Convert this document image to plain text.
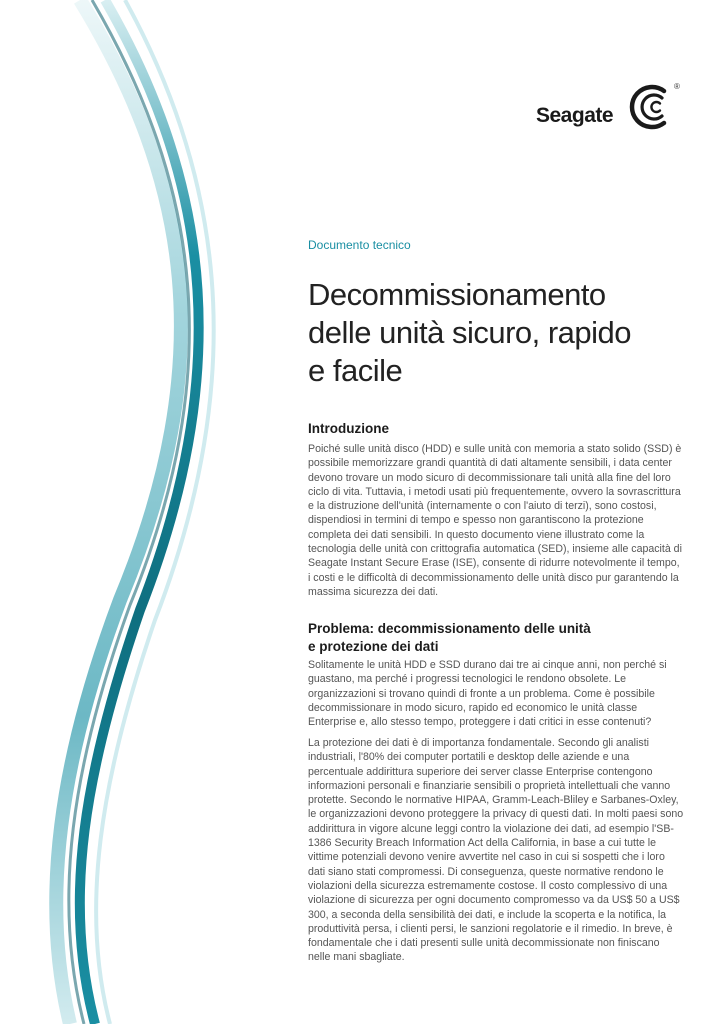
Seagate
®
Documento tecnico
Decommissionamento
delle unità sicuro, rapido
e facile
Introduzione

Poiché sulle unità disco (HDD) e sulle unità con memoria a stato solido (SSD) è possibile memorizzare grandi quantità di dati altamente sensibili, i data center devono trovare un modo sicuro di decommissionare tali unità alla fine del loro ciclo di vita. Tuttavia, i metodi usati più frequentemente, ovvero la sovrascrittura e la distruzione dell'unità (internamente o con l'aiuto di terzi), sono costosi, dispendiosi in termini di tempo e spesso non garantiscono la protezione completa dei dati sensibili. In questo documento viene illustrato come la tecnologia delle unità con crittografia automatica (SED), insieme alle capacità di Seagate Instant Secure Erase (ISE), consente di ridurre notevolmente il tempo, i costi e le difficoltà di decommissionamento delle unità disco pur garantendo la massima sicurezza dei dati.

Problema: decommissionamento delle unità
e protezione dei dati

Solitamente le unità HDD e SSD durano dai tre ai cinque anni, non perché si guastano, ma perché i progressi tecnologici le rendono obsolete. Le organizzazioni si trovano quindi di fronte a un problema. Come è possibile decommissionare in modo sicuro, rapido ed economico le unità classe Enterprise e, allo stesso tempo, proteggere i dati critici in esse contenuti?

La protezione dei dati è di importanza fondamentale. Secondo gli analisti industriali, l'80% dei computer portatili e desktop delle aziende e una percentuale addirittura superiore dei server classe Enterprise contengono informazioni personali e finanziarie sensibili o proprietà intellettuali che vanno protette. Secondo le normative HIPAA, Gramm-Leach-Bliley e Sarbanes-Oxley, le organizzazioni devono proteggere la privacy di questi dati. In molti paesi sono addirittura in vigore alcune leggi contro la violazione dei dati, ad esempio l'SB-1386 Security Breach Information Act della California, in base a cui tutte le vittime potenziali devono venire avvertite nel caso in cui si sospetti che i loro dati siano stati compromessi. Di conseguenza, queste normative rendono le violazioni della sicurezza estremamente costose. Il costo complessivo di una violazione di sicurezza per ogni documento compromesso va da US$ 50 a US$ 300, a seconda della sensibilità dei dati, e include la scoperta e la notifica, la produttività persa, i clienti persi, le sanzioni regolatorie e il rimedio. In breve, è fondamentale che i dati presenti sulle unità decommissionate non finiscano nelle mani sbagliate.
